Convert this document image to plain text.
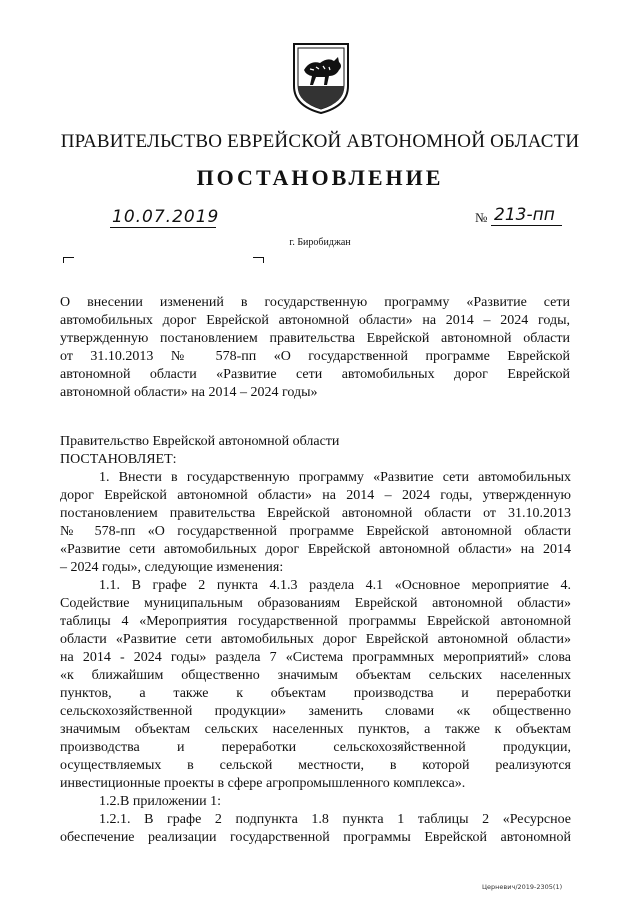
ПРАВИТЕЛЬСТВО ЕВРЕЙСКОЙ АВТОНОМНОЙ ОБЛАСТИ
ПОСТАНОВЛЕНИЕ
10.07.2019	№ 213-пп
г. Биробиджан
О внесении изменений в государственную программу «Развитие сети
автомобильных дорог Еврейской автономной области» на 2014 – 2024 годы,
утвержденную постановлением правительства Еврейской автономной области
от 31.10.2013 № 578-пп «О государственной программе Еврейской
автономной области «Развитие сети автомобильных дорог Еврейской
автономной области» на 2014 – 2024 годы»
Правительство Еврейской автономной области
ПОСТАНОВЛЯЕТ:
1. Внести в государственную программу «Развитие сети автомобильных
дорог Еврейской автономной области» на 2014 – 2024 годы, утвержденную
постановлением правительства Еврейской автономной области от 31.10.2013
№ 578-пп «О государственной программе Еврейской автономной области
«Развитие сети автомобильных дорог Еврейской автономной области» на 2014
– 2024 годы», следующие изменения:
1.1. В графе 2 пункта 4.1.3 раздела 4.1 «Основное мероприятие 4.
Содействие муниципальным образованиям Еврейской автономной области»
таблицы 4 «Мероприятия государственной программы Еврейской автономной
области «Развитие сети автомобильных дорог Еврейской автономной области»
на 2014 - 2024 годы» раздела 7 «Система программных мероприятий» слова
«к ближайшим общественно значимым объектам сельских населенных
пунктов, а также к объектам производства и переработки
сельскохозяйственной продукции» заменить словами «к общественно
значимым объектам сельских населенных пунктов, а также к объектам
производства и переработки сельскохозяйственной продукции,
осуществляемых в сельской местности, в которой реализуются
инвестиционные проекты в сфере агропромышленного комплекса».
1.2.В приложении 1:
1.2.1. В графе 2 подпункта 1.8 пункта 1 таблицы 2 «Ресурсное
обеспечение реализации государственной программы Еврейской автономной
Церневич/2019-2305(1)
